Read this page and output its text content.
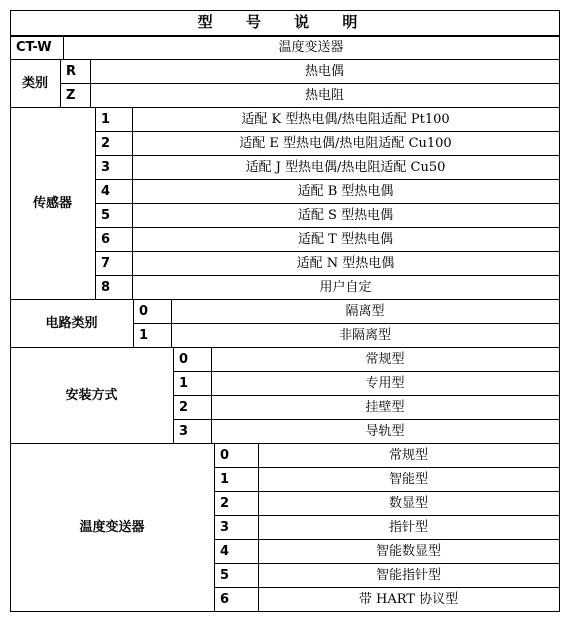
型 号 说 明
CT-W	温度变送器
类别
R	热电偶
Z	热电阻
传感器
1	适配 K 型热电偶/热电阻适配 Pt100
2	适配 E 型热电偶/热电阻适配 Cu100
3	适配 J 型热电偶/热电阻适配 Cu50
4	适配 B 型热电偶
5	适配 S 型热电偶
6	适配 T 型热电偶
7	适配 N 型热电偶
8	用户自定
电路类别
0	隔离型
1	非隔离型
安装方式
0	常规型
1	专用型
2	挂壁型
3	导轨型
温度变送器
0	常规型
1	智能型
2	数显型
3	指针型
4	智能数显型
5	智能指针型
6	带 HART 协议型
